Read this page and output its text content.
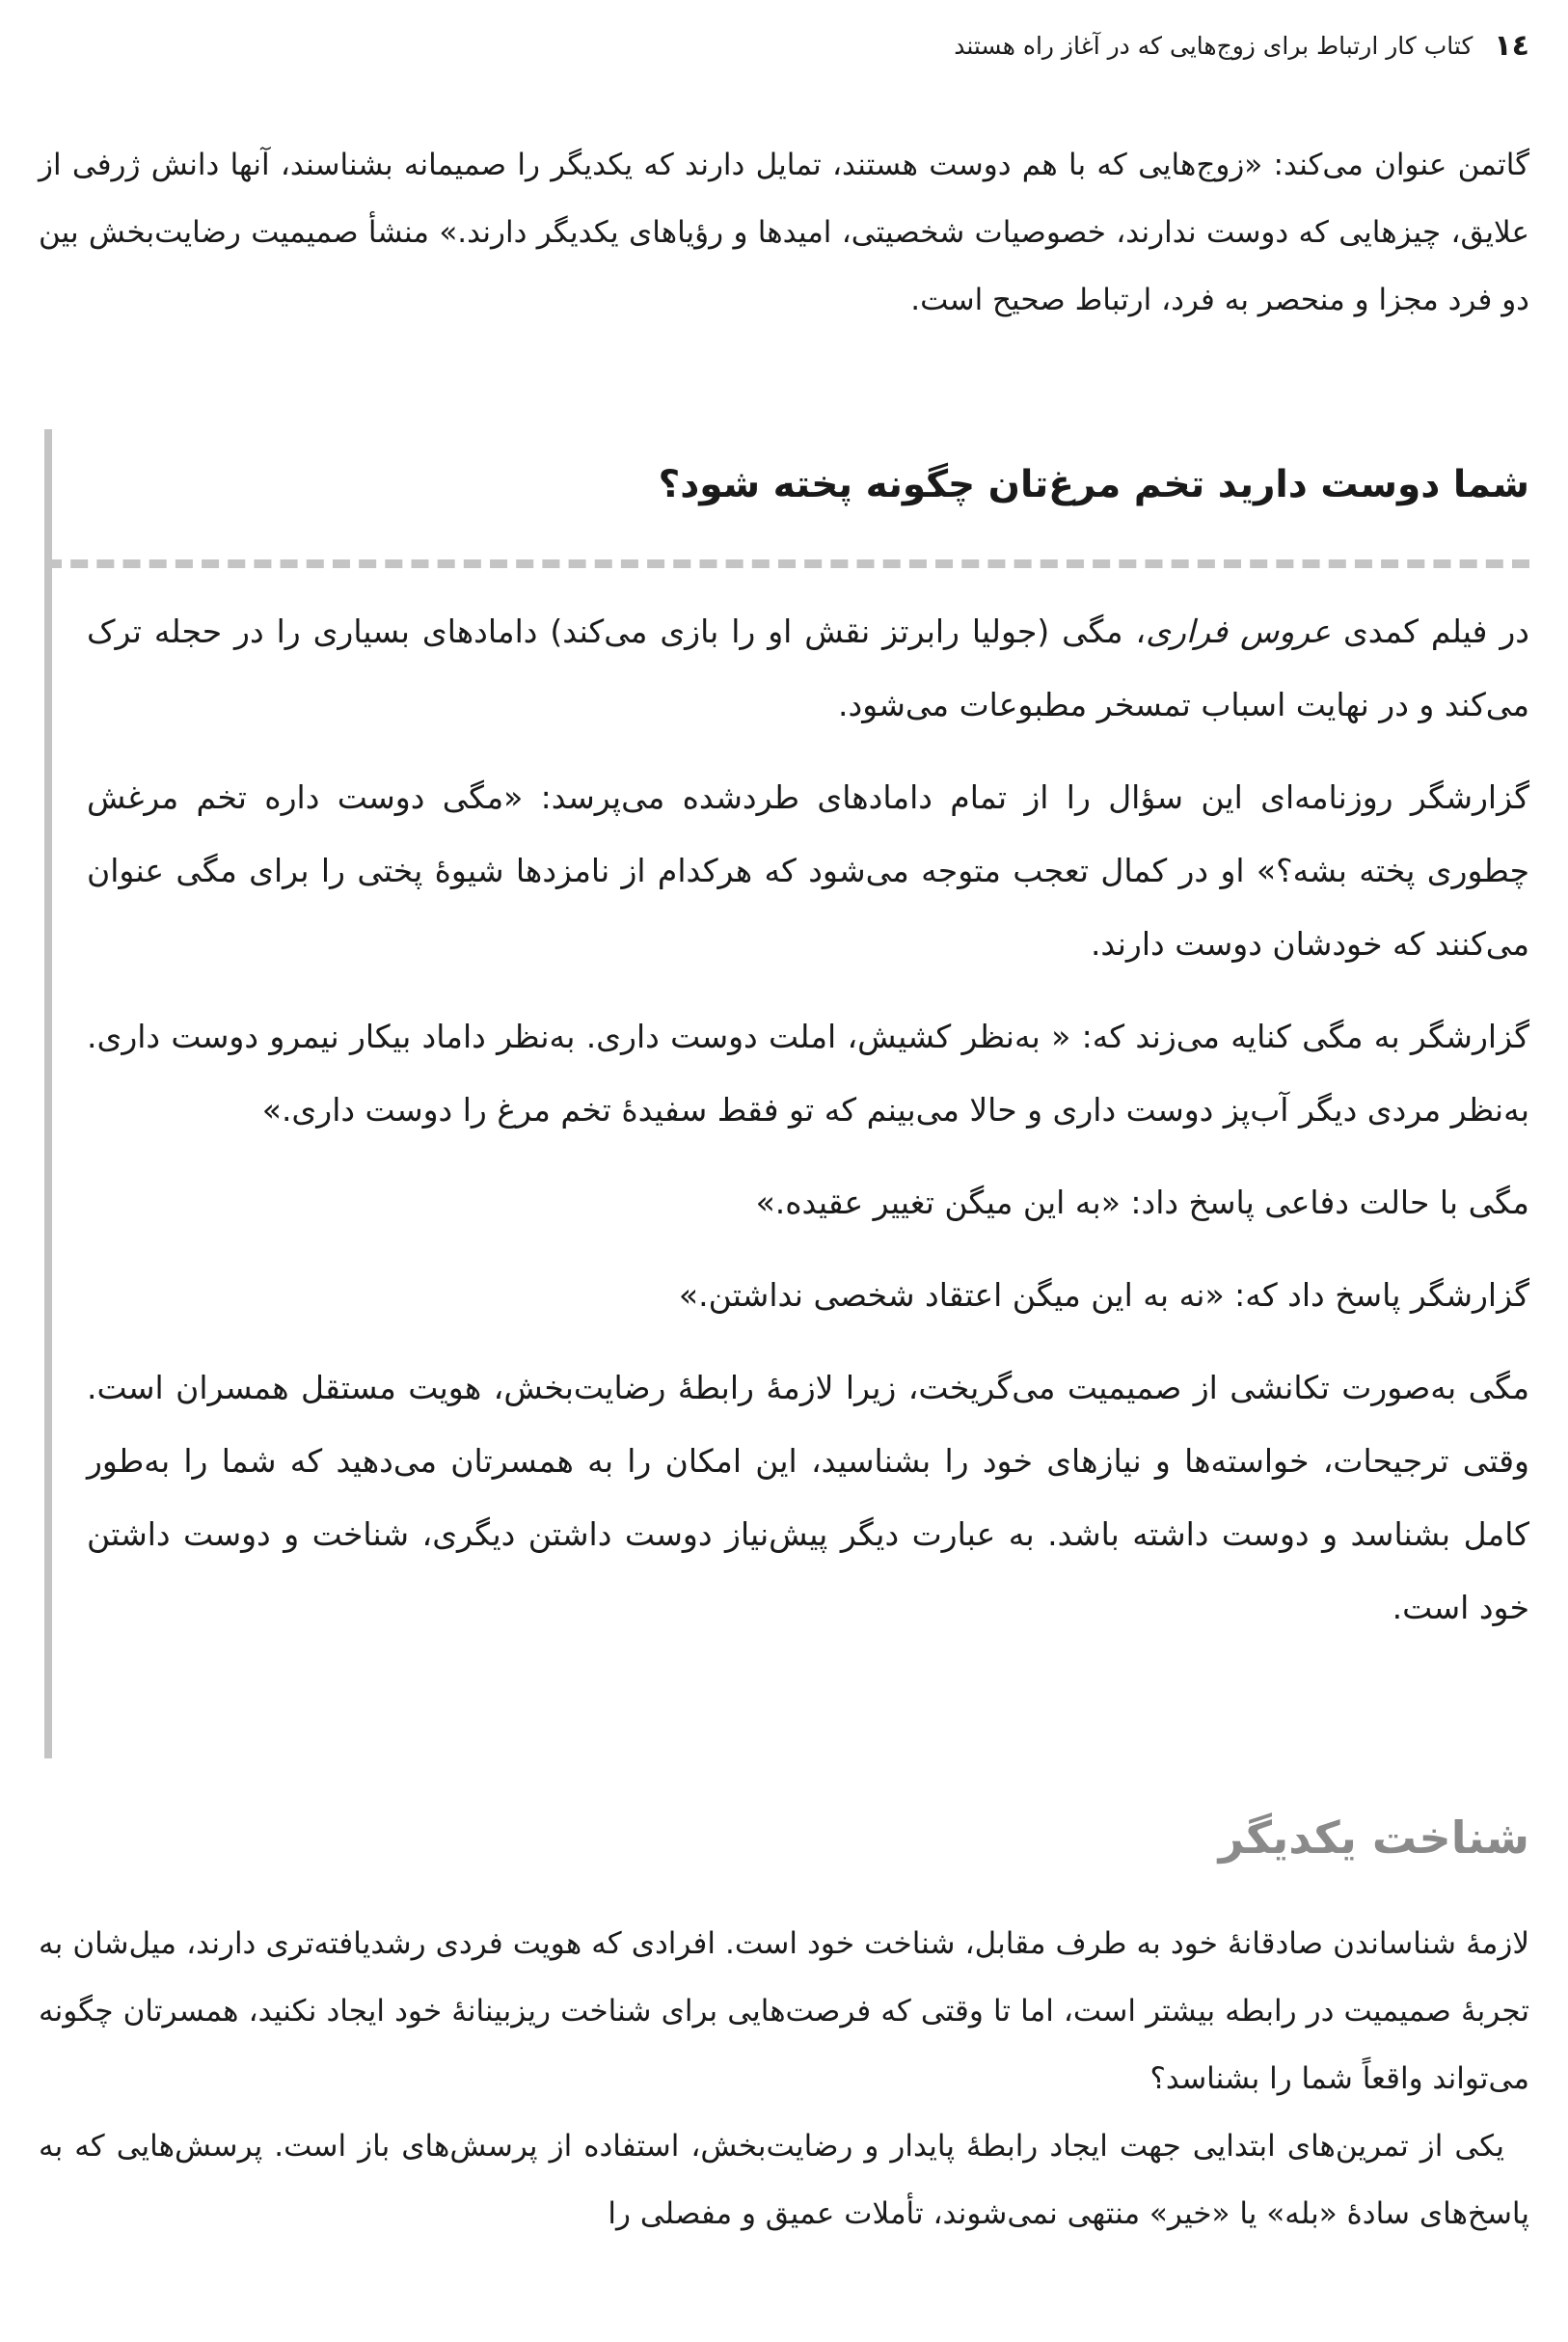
١٤
کتاب کار ارتباط برای زوج‌هایی که در آغاز راه هستند

گاتمن عنوان می‌کند: «زوج‌هایی که با هم دوست هستند، تمایل دارند که یکدیگر را صمیمانه بشناسند، آنها دانش ژرفی از علایق، چیزهایی که دوست ندارند، خصوصیات شخصیتی، امیدها و رؤیاهای یکدیگر دارند.» منشأ صمیمیت رضایت‌بخش بین دو فرد مجزا و منحصر به فرد، ارتباط صحیح است.

شما دوست دارید تخم مرغ‌تان چگونه پخته شود؟

در فیلم کمدی عروس فراری، مگی (جولیا رابرتز نقش او را بازی می‌کند) دامادهای بسیاری را در حجله ترک می‌کند و در نهایت اسباب تمسخر مطبوعات می‌شود.

گزارشگر روزنامه‌ای این سؤال را از تمام دامادهای طردشده می‌پرسد: «مگی دوست داره تخم مرغش چطوری پخته بشه؟» او در کمال تعجب متوجه می‌شود که هرکدام از نامزدها شیوهٔ پختی را برای مگی عنوان می‌کنند که خودشان دوست دارند.

گزارشگر به مگی کنایه می‌زند که: « به‌نظر کشیش، املت دوست داری. به‌نظر داماد بیکار نیمرو دوست داری. به‌نظر مردی دیگر آب‌پز دوست داری و حالا می‌بینم که تو فقط سفیدهٔ تخم مرغ را دوست داری.»

مگی با حالت دفاعی پاسخ داد: «به این میگن تغییر عقیده.»

گزارشگر پاسخ داد که: «نه به این میگن اعتقاد شخصی نداشتن.»

مگی به‌صورت تکانشی از صمیمیت می‌گریخت، زیرا لازمهٔ رابطهٔ رضایت‌بخش، هویت مستقل همسران است. وقتی ترجیحات، خواسته‌ها و نیازهای خود را بشناسید، این امکان را به همسرتان می‌دهید که شما را به‌طور کامل بشناسد و دوست داشته باشد. به عبارت دیگر پیش‌نیاز دوست داشتن دیگری، شناخت و دوست داشتن خود است.

شناخت یکدیگر

لازمهٔ شناساندن صادقانهٔ خود به طرف مقابل، شناخت خود است. افرادی که هویت فردی رشدیافته‌تری دارند، میل‌شان به تجربهٔ صمیمیت در رابطه بیشتر است، اما تا وقتی که فرصت‌هایی برای شناخت ریزبینانهٔ خود ایجاد نکنید، همسرتان چگونه می‌تواند واقعاً شما را بشناسد؟

یکی از تمرین‌های ابتدایی جهت ایجاد رابطهٔ پایدار و رضایت‌بخش، استفاده از پرسش‌های باز است. پرسش‌هایی که به پاسخ‌های سادهٔ «بله» یا «خیر» منتهی نمی‌شوند، تأملات عمیق و مفصلی را
